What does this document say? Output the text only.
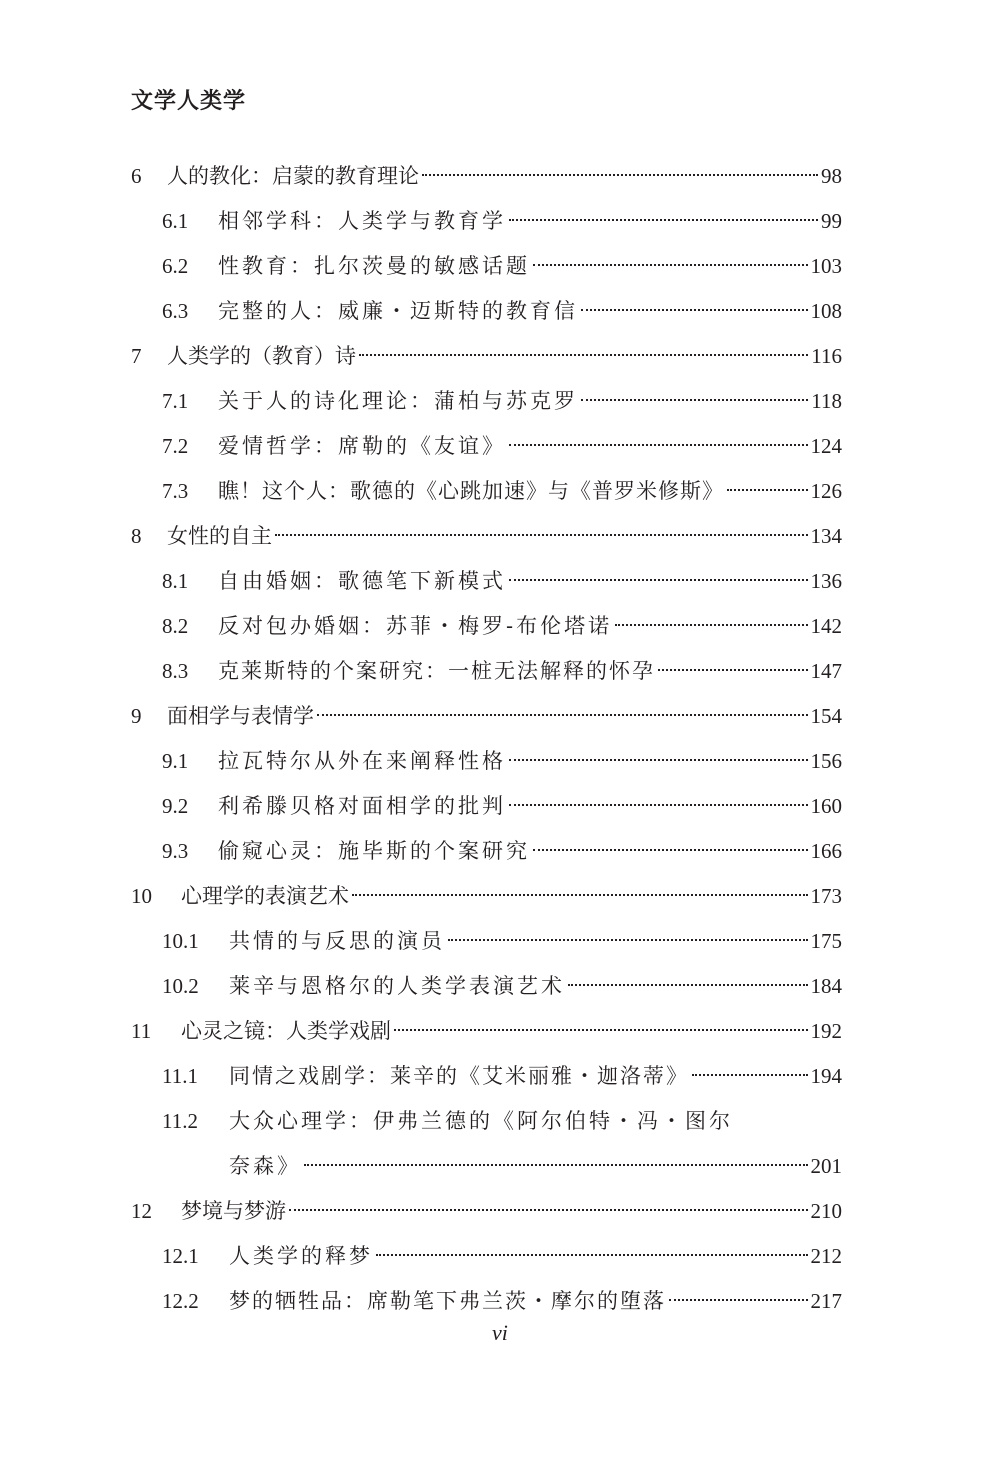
文学人类学
6	人的教化：启蒙的教育理论	98
6.1	相邻学科：人类学与教育学	99
6.2	性教育：扎尔茨曼的敏感话题	103
6.3	完整的人：威廉・迈斯特的教育信	108
7	人类学的（教育）诗	116
7.1	关于人的诗化理论：蒲柏与苏克罗	118
7.2	爱情哲学：席勒的《友谊》	124
7.3	瞧！这个人：歌德的《心跳加速》与《普罗米修斯》	126
8	女性的自主	134
8.1	自由婚姻：歌德笔下新模式	136
8.2	反对包办婚姻：苏菲・梅罗-布伦塔诺	142
8.3	克莱斯特的个案研究：一桩无法解释的怀孕	147
9	面相学与表情学	154
9.1	拉瓦特尔从外在来阐释性格	156
9.2	利希滕贝格对面相学的批判	160
9.3	偷窥心灵：施毕斯的个案研究	166
10	心理学的表演艺术	173
10.1	共情的与反思的演员	175
10.2	莱辛与恩格尔的人类学表演艺术	184
11	心灵之镜：人类学戏剧	192
11.1	同情之戏剧学：莱辛的《艾米丽雅・迦洛蒂》	194
11.2	大众心理学：伊弗兰德的《阿尔伯特・冯・图尔
奈森》	201
12	梦境与梦游	210
12.1	人类学的释梦	212
12.2	梦的牺牲品：席勒笔下弗兰茨・摩尔的堕落	217
vi
